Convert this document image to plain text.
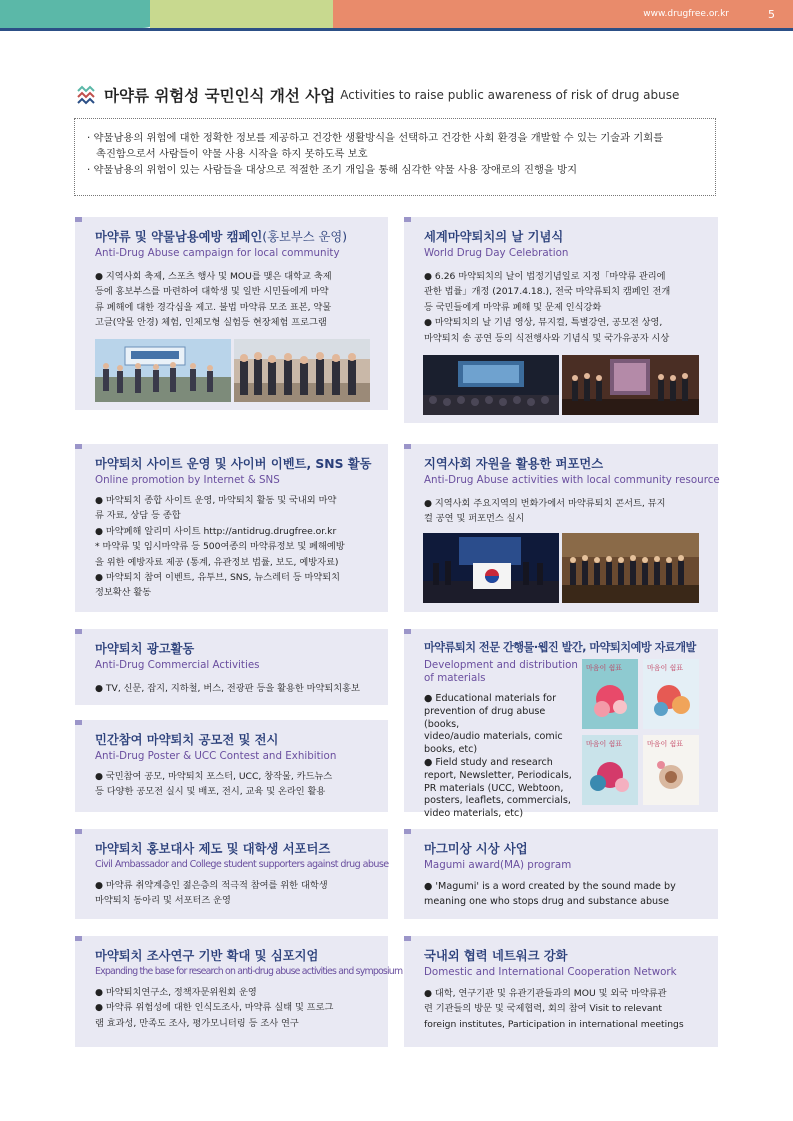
www.drugfree.or.kr	5
마약류 위험성 국민인식 개선 사업 Activities to raise public awareness of risk of drug abuse
· 약물남용의 위험에 대한 정확한 정보를 제공하고 건강한 생활방식을 선택하고 건강한 사회 환경을 개발할 수 있는 기술과 기회를
촉진함으로서 사람들이 약물 사용 시작을 하지 못하도록 보호
· 약물남용의 위험이 있는 사람들을 대상으로 적절한 조기 개입을 통해 심각한 약물 사용 장애로의 진행을 방지
마약류 및 약물남용예방 캠페인(홍보부스 운영)
Anti-Drug Abuse campaign for local community
● 지역사회 축제, 스포츠 행사 및 MOU를 맺은 대학교 축제
등에 홍보부스를 마련하여 대학생 및 일반 시민들에게 마약
류 폐해에 대한 경각심을 제고. 불법 마약류 모조 표본, 약물
고글(약물 안경) 체험, 인체모형 실험등 현장체험 프로그램
세계마약퇴치의 날 기념식
World Drug Day Celebration
● 6.26 마약퇴치의 날이 법정기념일로 지정「마약류 관리에
관한 법률」개정 (2017.4.18.), 전국 마약류퇴치 캠페인 전개
등 국민들에게 마약류 폐해 및 문제 인식강화
● 마약퇴치의 날 기념 영상, 뮤지컬, 특별강연, 공모전 상영,
마약퇴치 송 공연 등의 식전행사와 기념식 및 국가유공자 시상
마약퇴치 사이트 운영 및 사이버 이벤트, SNS 활동
Online promotion by Internet & SNS
● 마약퇴치 종합 사이트 운영, 마약퇴치 활동 및 국내외 마약
류 자료, 상담 등 종합
● 마약폐해 알리미 사이트 http://antidrug.drugfree.or.kr
* 마약류 및 임시마약류 등 500여종의 마약류정보 및 폐해예방
을 위한 예방자료 제공 (통계, 유관정보 법률, 보도, 예방자료)
● 마약퇴치 참여 이벤트, 유투브, SNS, 뉴스레터 등 마약퇴치
정보확산 활동
지역사회 자원을 활용한 퍼포먼스
Anti-Drug Abuse activities with local community resource
● 지역사회 주요지역의 번화가에서 마약류퇴치 콘서트, 뮤지
컬 공연 및 퍼포먼스 실시
마약퇴치 광고활동
Anti-Drug Commercial Activities
● TV, 신문, 잡지, 지하철, 버스, 전광판 등을 활용한 마약퇴치홍보
마약류퇴치 전문 간행물·웹진 발간, 마약퇴치예방 자료개발
Development and distribution
of materials
● Educational materials for
prevention of drug abuse (books,
video/audio materials, comic
books, etc)
● Field study and research
report, Newsletter, Periodicals,
PR materials (UCC, Webtoon,
posters, leaflets, commercials,
video materials, etc)
마음이 쉼표	마음이 쉼표
마음이 쉼표	마음이 쉼표
민간참여 마약퇴치 공모전 및 전시
Anti-Drug Poster & UCC Contest and Exhibition
● 국민참여 공모, 마약퇴치 포스터, UCC, 창작물, 카드뉴스
등 다양한 공모전 실시 및 배포, 전시, 교육 및 온라인 활용
마약퇴치 홍보대사 제도 및 대학생 서포터즈
Civil Ambassador and College student supporters against drug abuse
● 마약류 취약계층인 젊은층의 적극적 참여를 위한 대학생
마약퇴치 동아리 및 서포터즈 운영
마그미상 시상 사업
Magumi award(MA) program
● 'Magumi' is a word created by the sound made by
meaning one who stops drug and substance abuse
마약퇴치 조사연구 기반 확대 및 심포지엄
Expanding the base for research on anti-drug abuse activities and symposium
● 마약퇴치연구소, 정책자문위원회 운영
● 마약류 위험성에 대한 인식도조사, 마약류 실태 및 프로그
램 효과성, 만족도 조사, 평가모니터링 등 조사 연구
국내외 협력 네트워크 강화
Domestic and International Cooperation Network
● 대학, 연구기관 및 유관기관들과의 MOU 및 외국 마약류관
련 기관들의 방문 및 국제협력, 회의 참여 Visit to relevant
foreign institutes, Participation in international meetings
